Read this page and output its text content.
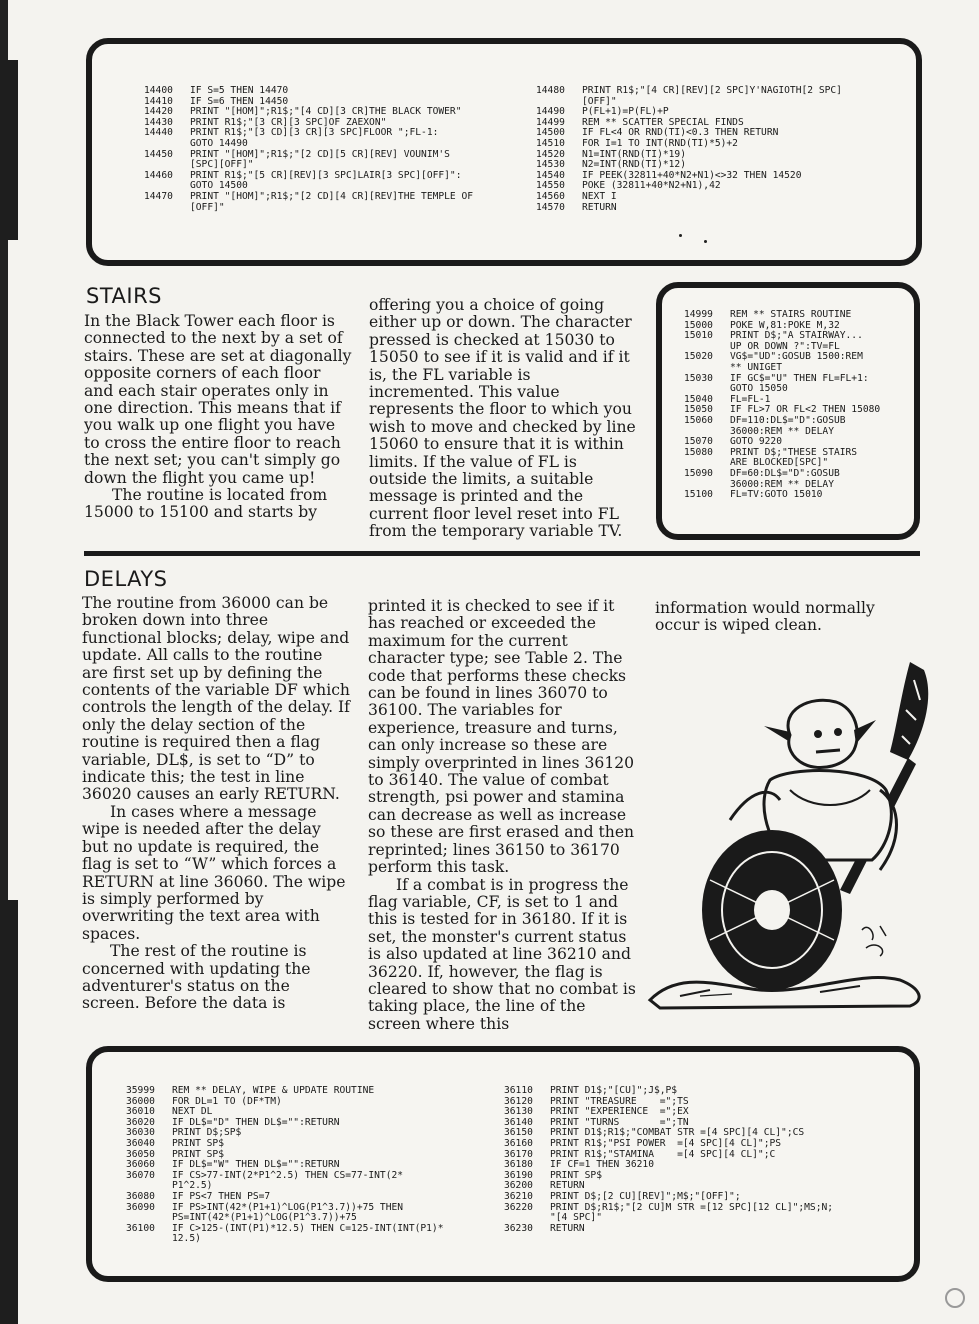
14400	IF S=5 THEN 14470
14410	IF S=6 THEN 14450
14420	PRINT "[HOM]";R1$;"[4 CD][3 CR]THE BLACK TOWER"
14430	PRINT R1$;"[3 CR][3 SPC]OF ZAEXON"
14440	PRINT R1$;"[3 CD][3 CR][3 SPC]FLOOR ";FL-1:
GOTO 14490
14450	PRINT "[HOM]";R1$;"[2 CD][5 CR][REV] VOUNIM'S
[SPC][OFF]"
14460	PRINT R1$;"[5 CR][REV][3 SPC]LAIR[3 SPC][OFF]":
GOTO 14500
14470	PRINT "[HOM]";R1$;"[2 CD][4 CR][REV]THE TEMPLE OF
[OFF]"
14480	PRINT R1$;"[4 CR][REV][2 SPC]Y'NAGIOTH[2 SPC]
[OFF]"
14490	P(FL+1)=P(FL)+P
14499	REM ** SCATTER SPECIAL FINDS
14500	IF FL<4 OR RND(TI)<0.3 THEN RETURN
14510	FOR I=1 TO INT(RND(TI)*5)+2
14520	N1=INT(RND(TI)*19)
14530	N2=INT(RND(TI)*12)
14540	IF PEEK(32811+40*N2+N1)<>32 THEN 14520
14550	POKE (32811+40*N2+N1),42
14560	NEXT I
14570	RETURN
STAIRS

In the Black Tower each floor is connected to the next by a set of stairs. These are set at diagonally opposite corners of each floor and each stair operates only in one direction. This means that if you walk up one flight you have to cross the entire floor to reach the next set; you can't simply go down the flight you came up!

The routine is located from 15000 to 15100 and starts by

offering you a choice of going either up or down. The character pressed is checked at 15030 to 15050 to see if it is valid and if it is, the FL variable is incremented. This value represents the floor to which you wish to move and checked by line 15060 to ensure that it is within limits. If the value of FL is outside the limits, a suitable message is printed and the current floor level reset into FL from the temporary variable TV.

14999	REM ** STAIRS ROUTINE
15000	POKE W,81:POKE M,32
15010	PRINT D$;"A STAIRWAY...
UP OR DOWN ?":TV=FL
15020	VG$="UD":GOSUB 1500:REM
** UNIGET
15030	IF GC$="U" THEN FL=FL+1:
GOTO 15050
15040	FL=FL-1
15050	IF FL>7 OR FL<2 THEN 15080
15060	DF=110:DL$="D":GOSUB
36000:REM ** DELAY
15070	GOTO 9220
15080	PRINT D$;"THESE STAIRS
ARE BLOCKED[SPC]"
15090	DF=60:DL$="D":GOSUB
36000:REM ** DELAY
15100	FL=TV:GOTO 15010
DELAYS

The routine from 36000 can be broken down into three functional blocks; delay, wipe and update. All calls to the routine are first set up by defining the contents of the variable DF which controls the length of the delay. If only the delay section of the routine is required then a flag variable, DL$, is set to “D” to indicate this; the test in line 36020 causes an early RETURN.

In cases where a message wipe is needed after the delay but no update is required, the flag is set to “W” which forces a RETURN at line 36060. The wipe is simply performed by overwriting the text area with spaces.

The rest of the routine is concerned with updating the adventurer's status on the screen. Before the data is

printed it is checked to see if it has reached or exceeded the maximum for the current character type; see Table 2. The code that performs these checks can be found in lines 36070 to 36100. The variables for experience, treasure and turns, can only increase so these are simply overprinted in lines 36120 to 36140. The value of combat strength, psi power and stamina can decrease as well as increase so these are first erased and then reprinted; lines 36150 to 36170 perform this task.

If a combat is in progress the flag variable, CF, is set to 1 and this is tested for in 36180. If it is set, the monster's current status is also updated at line 36210 and 36220. If, however, the flag is cleared to show that no combat is taking place, the line of the screen where this

information would normally occur is wiped clean.

35999	REM ** DELAY, WIPE & UPDATE ROUTINE
36000	FOR DL=1 TO (DF*TM)
36010	NEXT DL
36020	IF DL$="D" THEN DL$="":RETURN
36030	PRINT D$;SP$
36040	PRINT SP$
36050	PRINT SP$
36060	IF DL$="W" THEN DL$="":RETURN
36070	IF CS>77-INT(2*P1^2.5) THEN CS=77-INT(2*
P1^2.5)
36080	IF PS<7 THEN PS=7
36090	IF PS>INT(42*(P1+1)^LOG(P1^3.7))+75 THEN
PS=INT(42*(P1+1)^LOG(P1^3.7))+75
36100	IF C>125-(INT(P1)*12.5) THEN C=125-INT(INT(P1)*
12.5)
36110	PRINT D1$;"[CU]";J$,P$
36120	PRINT "TREASURE    =";TS
36130	PRINT "EXPERIENCE  =";EX
36140	PRINT "TURNS       =";TN
36150	PRINT D1$;R1$;"COMBAT STR =[4 SPC][4 CL]";CS
36160	PRINT R1$;"PSI POWER  =[4 SPC][4 CL]";PS
36170	PRINT R1$;"STAMINA    =[4 SPC][4 CL]";C
36180	IF CF=1 THEN 36210
36190	PRINT SP$
36200	RETURN
36210	PRINT D$;[2 CU][REV]";M$;"[OFF]";
36220	PRINT D$;R1$;"[2 CU]M STR =[12 SPC][12 CL]";MS;N;
"[4 SPC]"
36230	RETURN
